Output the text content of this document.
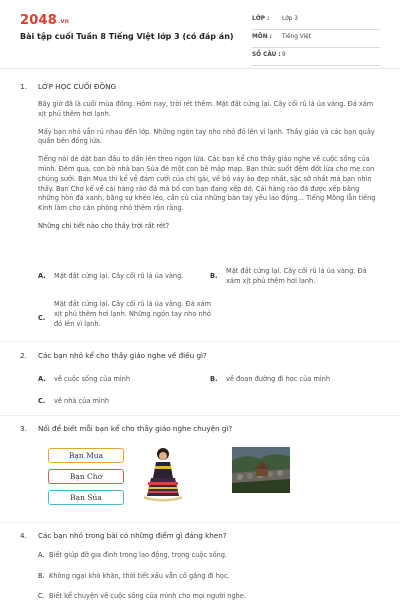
2048.vn
Bài tập cuối Tuần 8 Tiếng Việt lớp 3 (có đáp án)
LỚP : Lớp 3
MÔN : Tiếng Việt
SỐ CÂU : 9
1. LỚP HỌC CUỐI ĐÔNG
Bây giờ đã là cuối mùa đông. Hôm nay, trời rét thêm. Mặt đất cứng lại. Cây cối rũ lá úa vàng. Đá xám xịt phủ thêm hơi lạnh.
Mấy bạn nhỏ vẫn rủ nhau đến lớp. Những ngón tay nho nhỏ đỏ lên vì lạnh. Thầy giáo và các bạn quây quần bên đống lửa.
Tiếng nói dè dặt ban đầu to dần lên theo ngọn lửa. Các bạn kể cho thầy giáo nghe về cuộc sống của mình. Đêm qua, con bò nhà bạn Súa đẻ một con bê mập mạp. Bạn thức suốt đêm đốt lửa cho mẹ con chúng sưởi. Bạn Mua thì kể về đám cưới của chị gái, về bộ váy áo đẹp nhất, sặc sỡ nhất mà bạn nhìn thấy. Bạn Chơ kể về cái hàng rào đá mà bố con bạn đang xếp dở. Cái hàng rào đá được xếp bằng những hòn đá xanh, bằng sự khéo léo, cần cù của những bàn tay yêu lao động... Tiếng Mông lẫn tiếng Kinh làm cho căn phòng nhỏ thêm rộn ràng.
Những chi tiết nào cho thấy trời rất rét?
A. Mặt đất cứng lại. Cây cối rũ lá úa vàng.	B.
Mặt đất cứng lại. Cây cối rũ lá úa vàng. Đá xám xịt phủ thêm hơi lạnh.
C.
Mặt đất cứng lại. Cây cối rũ lá úa vàng. Đá xám xịt phủ thêm hơi lạnh. Những ngón tay nho nhỏ đỏ lên vì lạnh.
2. Các bạn nhỏ kể cho thầy giáo nghe về điều gì?
A. về cuộc sống của mình	B. về đoạn đường đi học của mình
C. về nhà của mình
3. Nối để biết mỗi bạn kể cho thầy giáo nghe chuyện gì?
Bạn Mua
Bạn Chơ
Bạn Súa
4. Các bạn nhỏ trong bài có những điểm gì đáng khen?
A. Biết giúp đỡ gia đình trong lao động, trong cuộc sống.
B. Không ngại khó khăn, thời tiết xấu vẫn cố gắng đi học.
C. Biết kể chuyện về cuộc sống của mình cho mọi người nghe.
